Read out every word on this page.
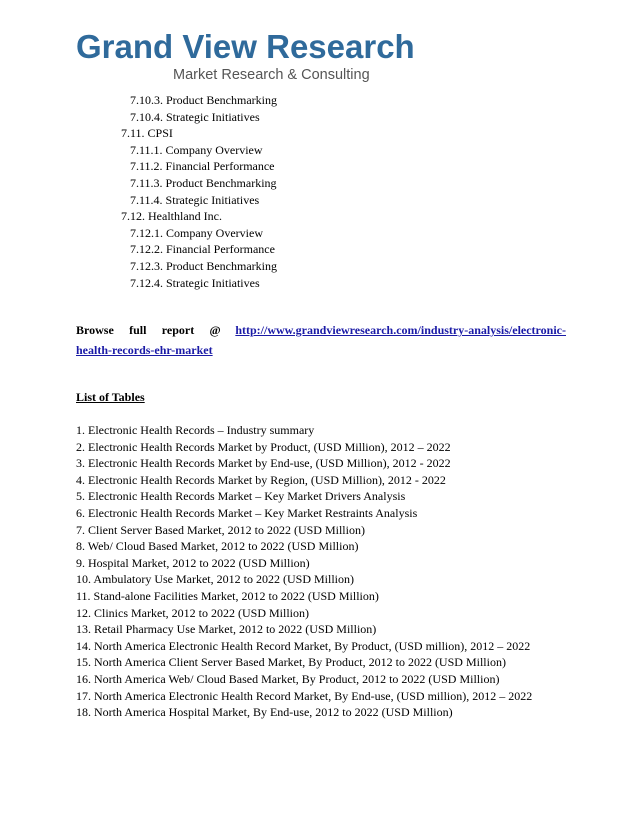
Grand View Research
Market Research & Consulting
7.10.3. Product Benchmarking
7.10.4. Strategic Initiatives
7.11. CPSI
7.11.1. Company Overview
7.11.2. Financial Performance
7.11.3. Product Benchmarking
7.11.4. Strategic Initiatives
7.12. Healthland Inc.
7.12.1. Company Overview
7.12.2. Financial Performance
7.12.3. Product Benchmarking
7.12.4. Strategic Initiatives
Browse full report @ http://www.grandviewresearch.com/industry-analysis/electronic-health-records-ehr-market
List of Tables
1. Electronic Health Records – Industry summary
2. Electronic Health Records Market by Product, (USD Million), 2012 – 2022
3. Electronic Health Records Market by End-use, (USD Million), 2012 - 2022
4. Electronic Health Records Market by Region, (USD Million), 2012 - 2022
5. Electronic Health Records Market – Key Market Drivers Analysis
6. Electronic Health Records Market – Key Market Restraints Analysis
7. Client Server Based Market, 2012 to 2022 (USD Million)
8. Web/ Cloud Based Market, 2012 to 2022 (USD Million)
9. Hospital Market, 2012 to 2022 (USD Million)
10. Ambulatory Use Market, 2012 to 2022 (USD Million)
11. Stand-alone Facilities Market, 2012 to 2022 (USD Million)
12. Clinics Market, 2012 to 2022 (USD Million)
13. Retail Pharmacy Use Market, 2012 to 2022 (USD Million)
14. North America Electronic Health Record Market, By Product, (USD million), 2012 – 2022
15. North America Client Server Based Market, By Product, 2012 to 2022 (USD Million)
16. North America Web/ Cloud Based Market, By Product, 2012 to 2022 (USD Million)
17. North America Electronic Health Record Market, By End-use, (USD million), 2012 – 2022
18. North America Hospital Market, By End-use, 2012 to 2022 (USD Million)
